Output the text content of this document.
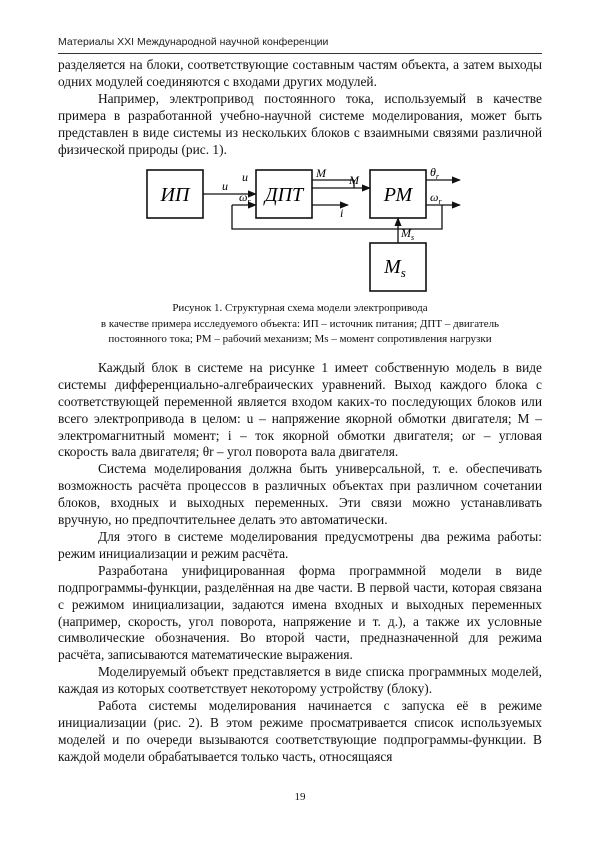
Материалы XXI Международной научной конференции

разделяется на блоки, соответствующие составным частям объекта, а затем выходы одних модулей соединяются с входами других модулей.

Например, электропривод постоянного тока, используемый в качестве примера в разработанной учебно-научной системе моделирования, может быть представлен в виде системы из нескольких блоков с взаимными связями различной физической природы (рис. 1).

ИП	ДПТ	РМ
$M_s$
u
u	M M
i
$\omega_r$
$\theta_r$
$\omega_r$
$M_s$

Рисунок 1. Структурная схема модели электропривода
в качестве примера исследуемого объекта: ИП – источник питания; ДПТ – двигатель
постоянного тока; РМ – рабочий механизм; Ms – момент сопротивления нагрузки

Каждый блок в системе на рисунке 1 имеет собственную модель в виде системы дифференциально-алгебраических уравнений. Выход каждого блока с соответствующей переменной является входом каких-то последующих блоков или всего электропривода в целом: u – напряжение якорной обмотки двигателя; M – электромагнитный момент; i – ток якорной обмотки двигателя; ωr – угловая скорость вала двигателя; θr – угол поворота вала двигателя.

Система моделирования должна быть универсальной, т. е. обеспечивать возможность расчёта процессов в различных объектах при различном сочетании блоков, входных и выходных переменных. Эти связи можно устанавливать вручную, но предпочтительнее делать это автоматически.

Для этого в системе моделирования предусмотрены два режима работы: режим инициализации и режим расчёта.

Разработана унифицированная форма программной модели в виде подпрограммы-функции, разделённая на две части. В первой части, которая связана с режимом инициализации, задаются имена входных и выходных переменных (например, скорость, угол поворота, напряжение и т. д.), а также их условные символические обозначения. Во второй части, предназначенной для режима расчёта, записываются математические выражения.

Моделируемый объект представляется в виде списка программных моделей, каждая из которых соответствует некоторому устройству (блоку).

Работа системы моделирования начинается с запуска её в режиме инициализации (рис. 2). В этом режиме просматривается список используемых моделей и по очереди вызываются соответствующие подпрограммы-функции. В каждой модели обрабатывается только часть, относящаяся

19
